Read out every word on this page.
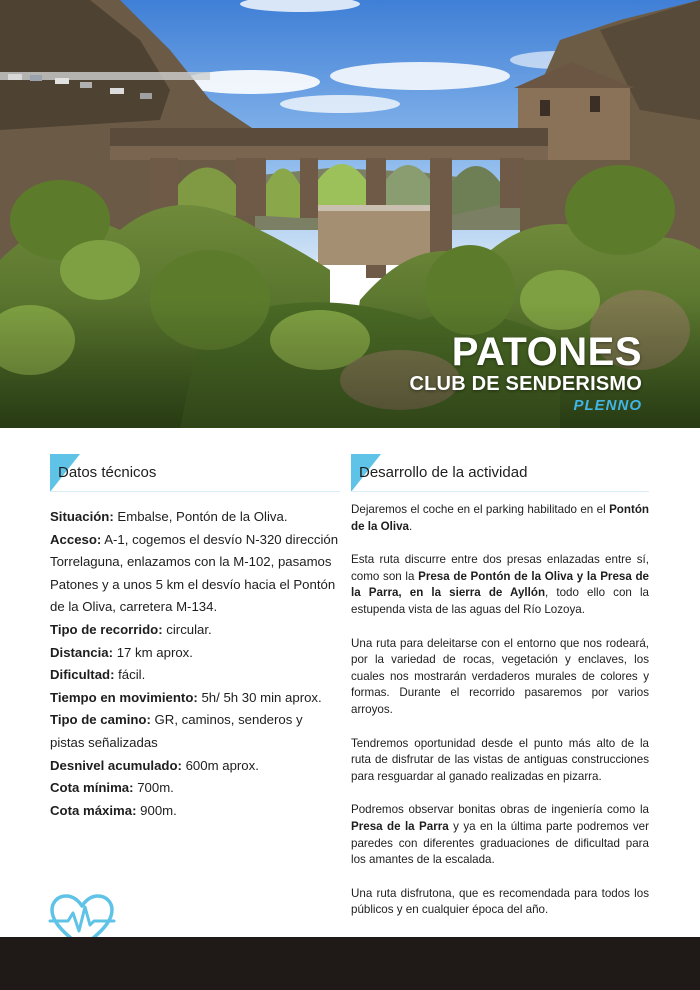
PATONES
CLUB DE SENDERISMO
PLENNO
Datos técnicos

Situación: Embalse, Pontón de la Oliva.

Acceso: A-1, cogemos el desvío N-320 dirección Torrelaguna, enlazamos con la M-102, pasamos Patones y a unos 5 km el desvío hacia el Pontón de la Oliva, carretera M-134.

Tipo de recorrido: circular.

Distancia: 17 km aprox.

Dificultad: fácil.

Tiempo en movimiento: 5h/ 5h 30 min aprox.

Tipo de camino: GR, caminos, senderos y pistas señalizadas

Desnivel acumulado: 600m aprox.

Cota mínima: 700m.

Cota máxima: 900m.

Desarrollo de la actividad

Dejaremos el coche en el parking habilitado en el Pontón de la Oliva.

Esta ruta discurre entre dos presas enlazadas entre sí, como son la Presa de Pontón de la Oliva y la Presa de la Parra, en la sierra de Ayllón, todo ello con la estupenda vista de las aguas del Río Lozoya.

Una ruta para deleitarse con el entorno que nos rodeará, por la variedad de rocas, vegetación y enclaves, los cuales nos mostrarán verdaderos murales de colores y formas. Durante el recorrido pasaremos por varios arroyos.

Tendremos oportunidad desde el punto más alto de la ruta de disfrutar de las vistas de antiguas construcciones para resguardar al ganado realizadas en pizarra.

Podremos observar bonitas obras de ingeniería como la Presa de la Parra y ya en la última parte podremos ver paredes con diferentes graduaciones de dificultad para los amantes de la escalada.

Una ruta disfrutona, que es recomendada para todos los públicos y en cualquier época del año.
